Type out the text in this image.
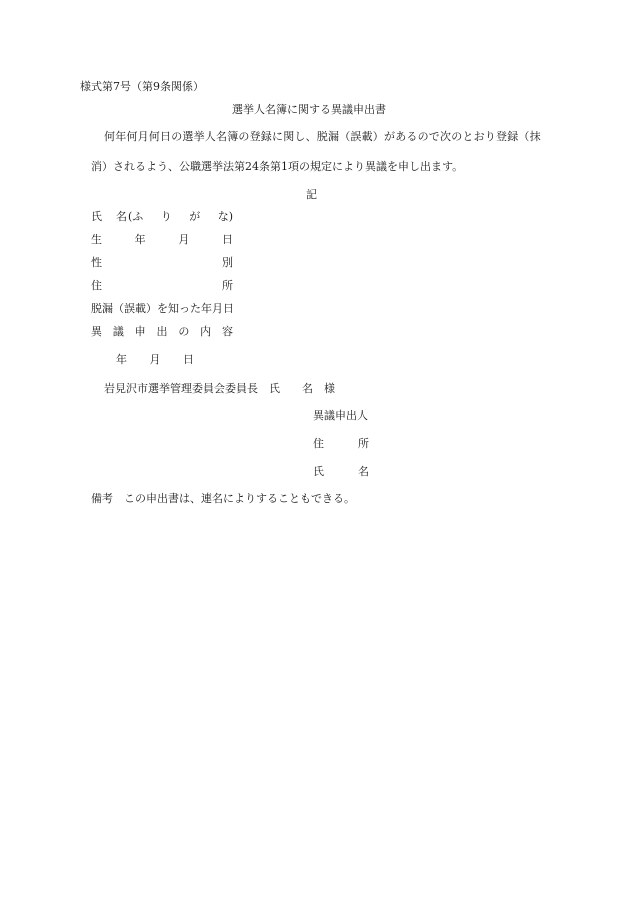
様式第7号（第9条関係）
選挙人名簿に関する異議申出書
何年何月何日の選挙人名簿の登録に関し、脱漏（誤載）があるので次のとおり登録（抹
消）されるよう、公職選挙法第24条第1項の規定により異議を申し出ます。
記
氏 名 (ふ り が な)
生	年	月	日
性	別
住	所
脱漏（誤載）を知った年月日
異 議 申 出 の 内 容
年 月 日
岩見沢市選挙管理委員会委員長　氏　　名　様
異議申出人
住	所
氏	名
備考　この申出書は、連名によりすることもできる。
